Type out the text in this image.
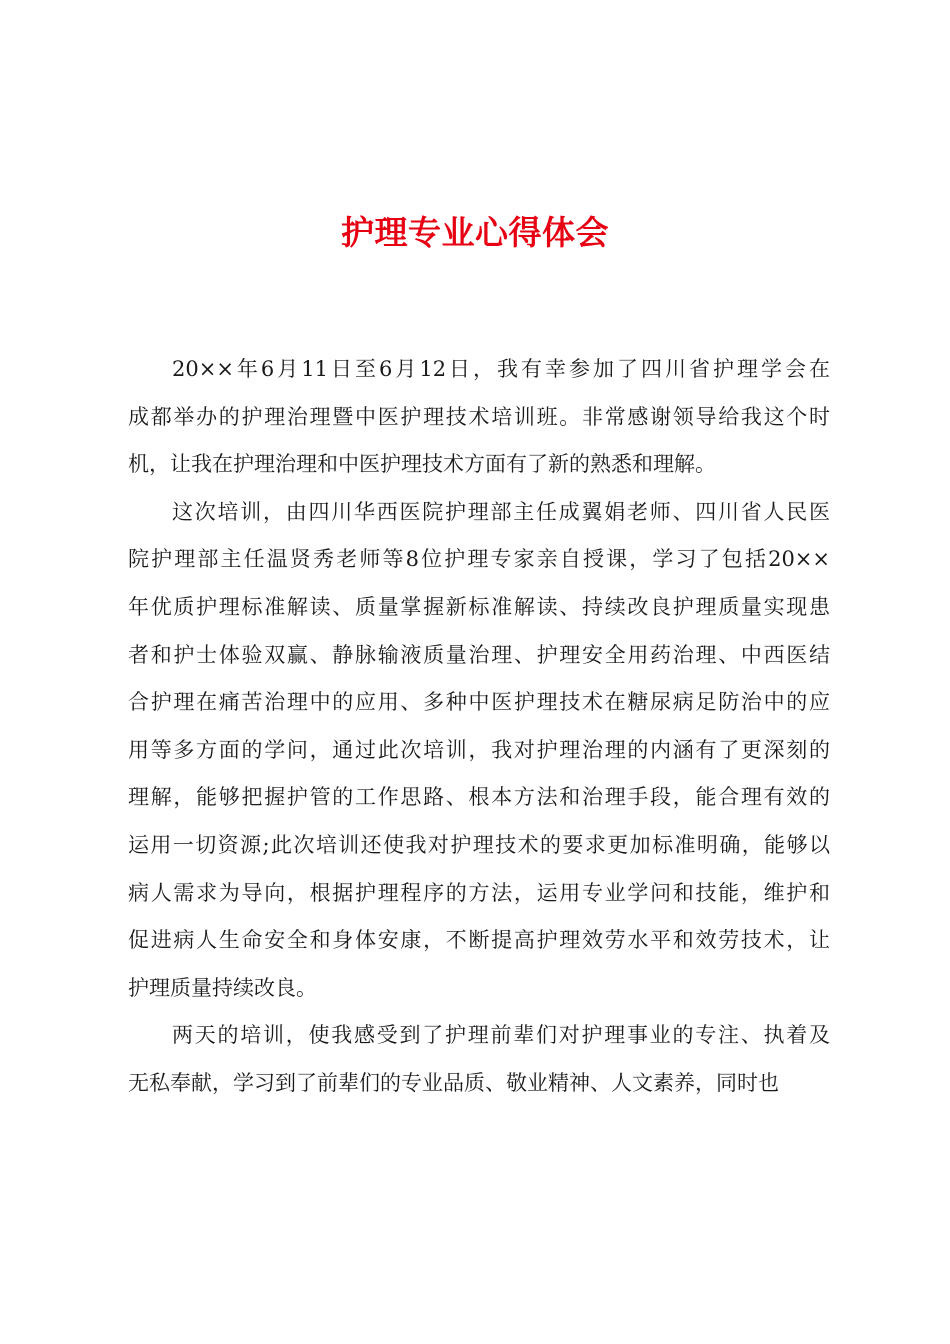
护理专业心得体会
20××年6月11日至6月12日，我有幸参加了四川省护理学会在
成都举办的护理治理暨中医护理技术培训班。非常感谢领导给我这个时
机，让我在护理治理和中医护理技术方面有了新的熟悉和理解。
这次培训，由四川华西医院护理部主任成翼娟老师、四川省人民医
院护理部主任温贤秀老师等8位护理专家亲自授课，学习了包括20××
年优质护理标准解读、质量掌握新标准解读、持续改良护理质量实现患
者和护士体验双赢、静脉输液质量治理、护理安全用药治理、中西医结
合护理在痛苦治理中的应用、多种中医护理技术在糖尿病足防治中的应
用等多方面的学问，通过此次培训，我对护理治理的内涵有了更深刻的
理解，能够把握护管的工作思路、根本方法和治理手段，能合理有效的
运用一切资源;此次培训还使我对护理技术的要求更加标准明确，能够以
病人需求为导向，根据护理程序的方法，运用专业学问和技能，维护和
促进病人生命安全和身体安康，不断提高护理效劳水平和效劳技术，让
护理质量持续改良。
两天的培训，使我感受到了护理前辈们对护理事业的专注、执着及
无私奉献，学习到了前辈们的专业品质、敬业精神、人文素养，同时也
